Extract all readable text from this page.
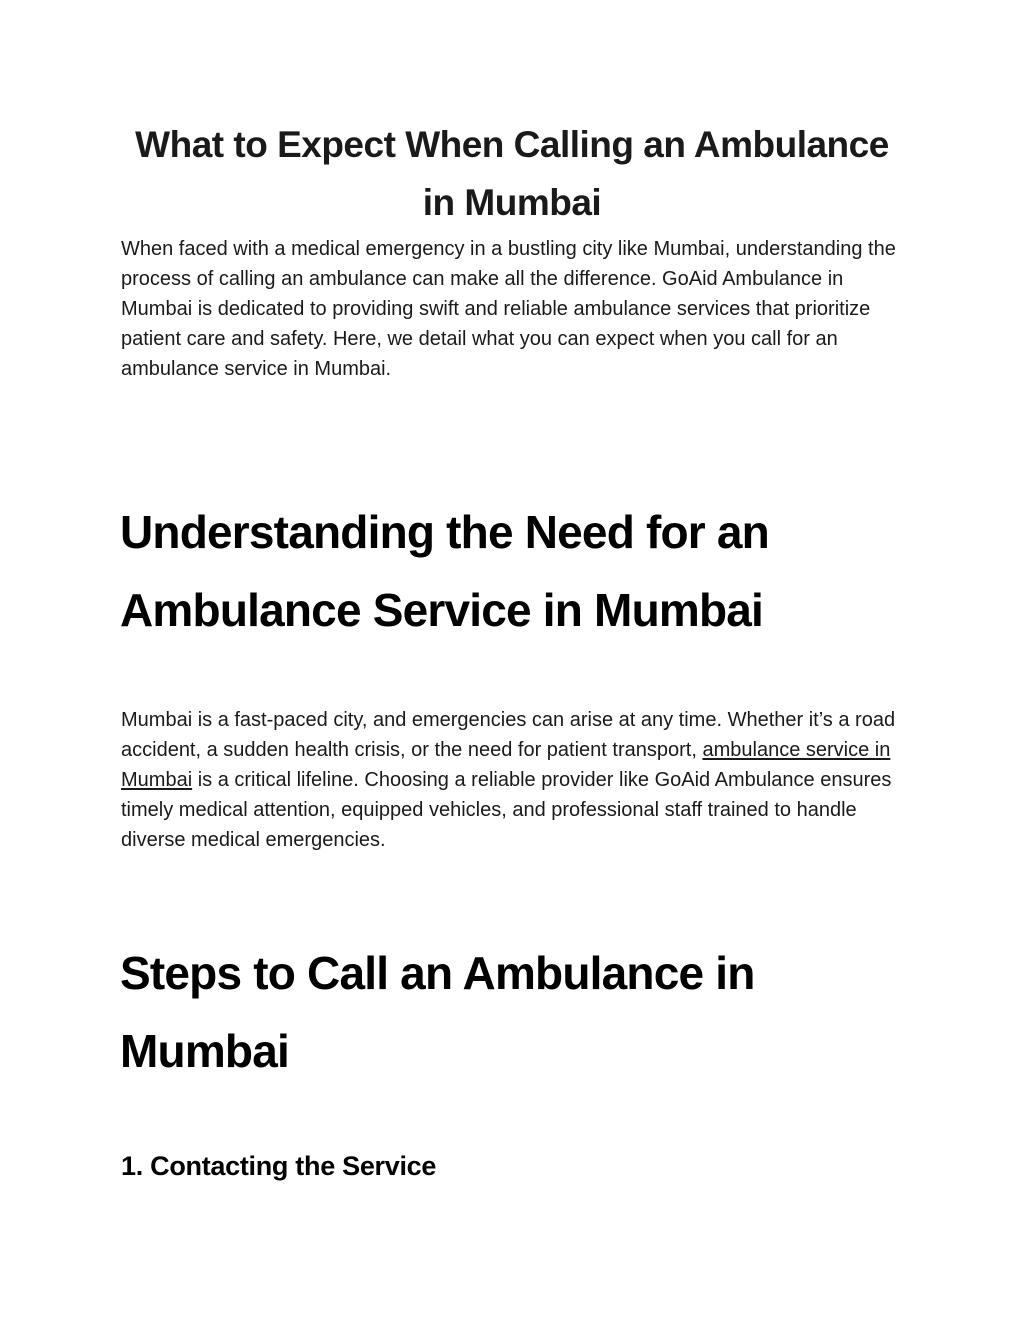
What to Expect When Calling an Ambulance in Mumbai

When faced with a medical emergency in a bustling city like Mumbai, understanding the process of calling an ambulance can make all the difference. GoAid Ambulance in Mumbai is dedicated to providing swift and reliable ambulance services that prioritize patient care and safety. Here, we detail what you can expect when you call for an ambulance service in Mumbai.

Understanding the Need for an Ambulance Service in Mumbai

Mumbai is a fast-paced city, and emergencies can arise at any time. Whether it’s a road accident, a sudden health crisis, or the need for patient transport, ambulance service in Mumbai is a critical lifeline. Choosing a reliable provider like GoAid Ambulance ensures timely medical attention, equipped vehicles, and professional staff trained to handle diverse medical emergencies.

Steps to Call an Ambulance in Mumbai
1. Contacting the Service
